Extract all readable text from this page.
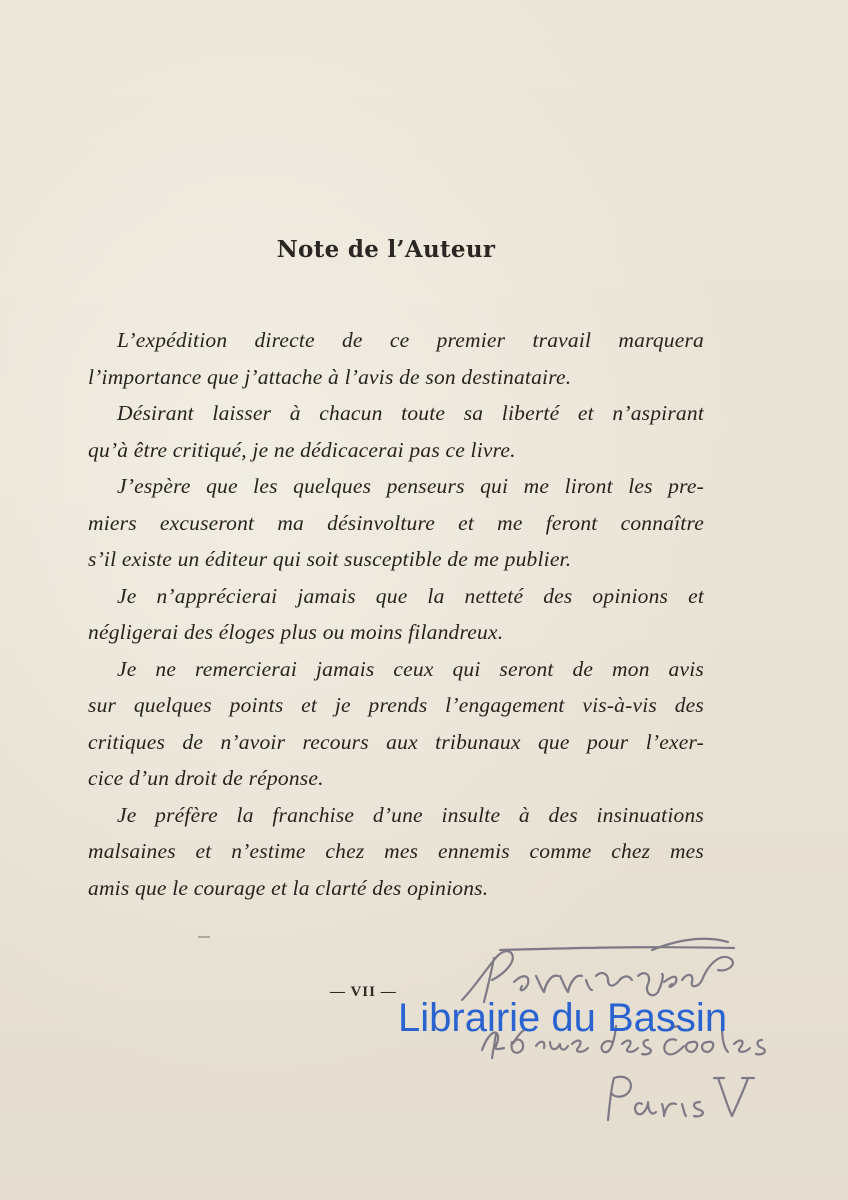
Note de l’Auteur

L’expédition directe de ce premier travail marquera
l’importance que j’attache à l’avis de son destinataire.

Désirant laisser à chacun toute sa liberté et n’aspirant
qu’à être critiqué, je ne dédicacerai pas ce livre.

J’espère que les quelques penseurs qui me liront les pre-
miers excuseront ma désinvolture et me feront connaître
s’il existe un éditeur qui soit susceptible de me publier.

Je n’apprécierai jamais que la netteté des opinions et
négligerai des éloges plus ou moins filandreux.

Je ne remercierai jamais ceux qui seront de mon avis
sur quelques points et je prends l’engagement vis-à-vis des
critiques de n’avoir recours aux tribunaux que pour l’exer-
cice d’un droit de réponse.

Je préfère la franchise d’une insulte à des insinuations
malsaines et n’estime chez mes ennemis comme chez mes
amis que le courage et la clarté des opinions.

— VII —
Librairie du Bassin
